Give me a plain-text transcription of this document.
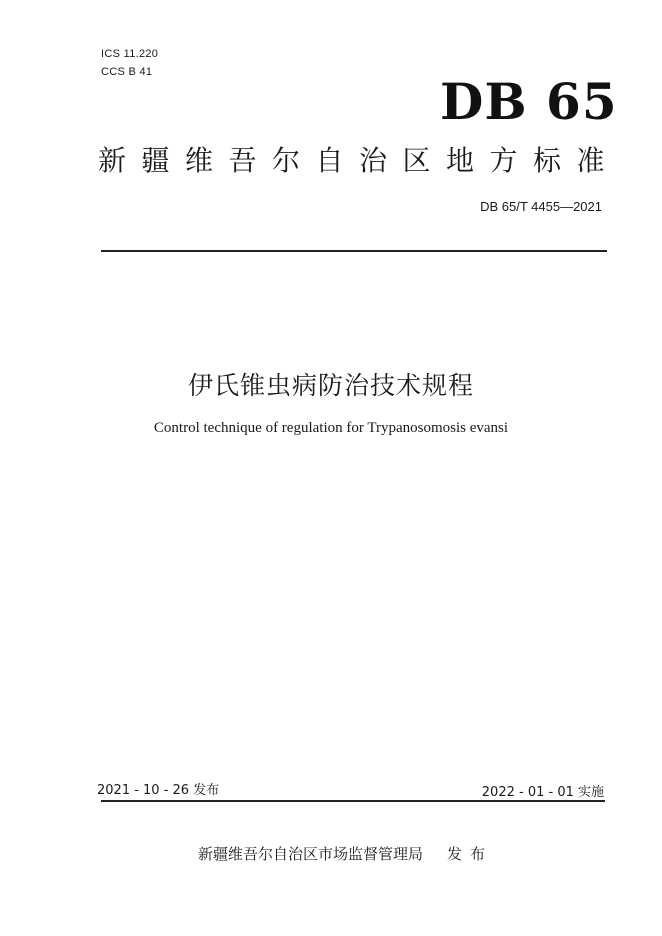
ICS 11.220
CCS B 41	DB 65
新疆维吾尔自治区地方标准
DB 65/T 4455—2021
伊氏锥虫病防治技术规程
Control technique of regulation for Trypanosomosis evansi
2021 - 10 - 26 发布	2022 - 01 - 01 实施
新疆维吾尔自治区市场监督管理局 发布
